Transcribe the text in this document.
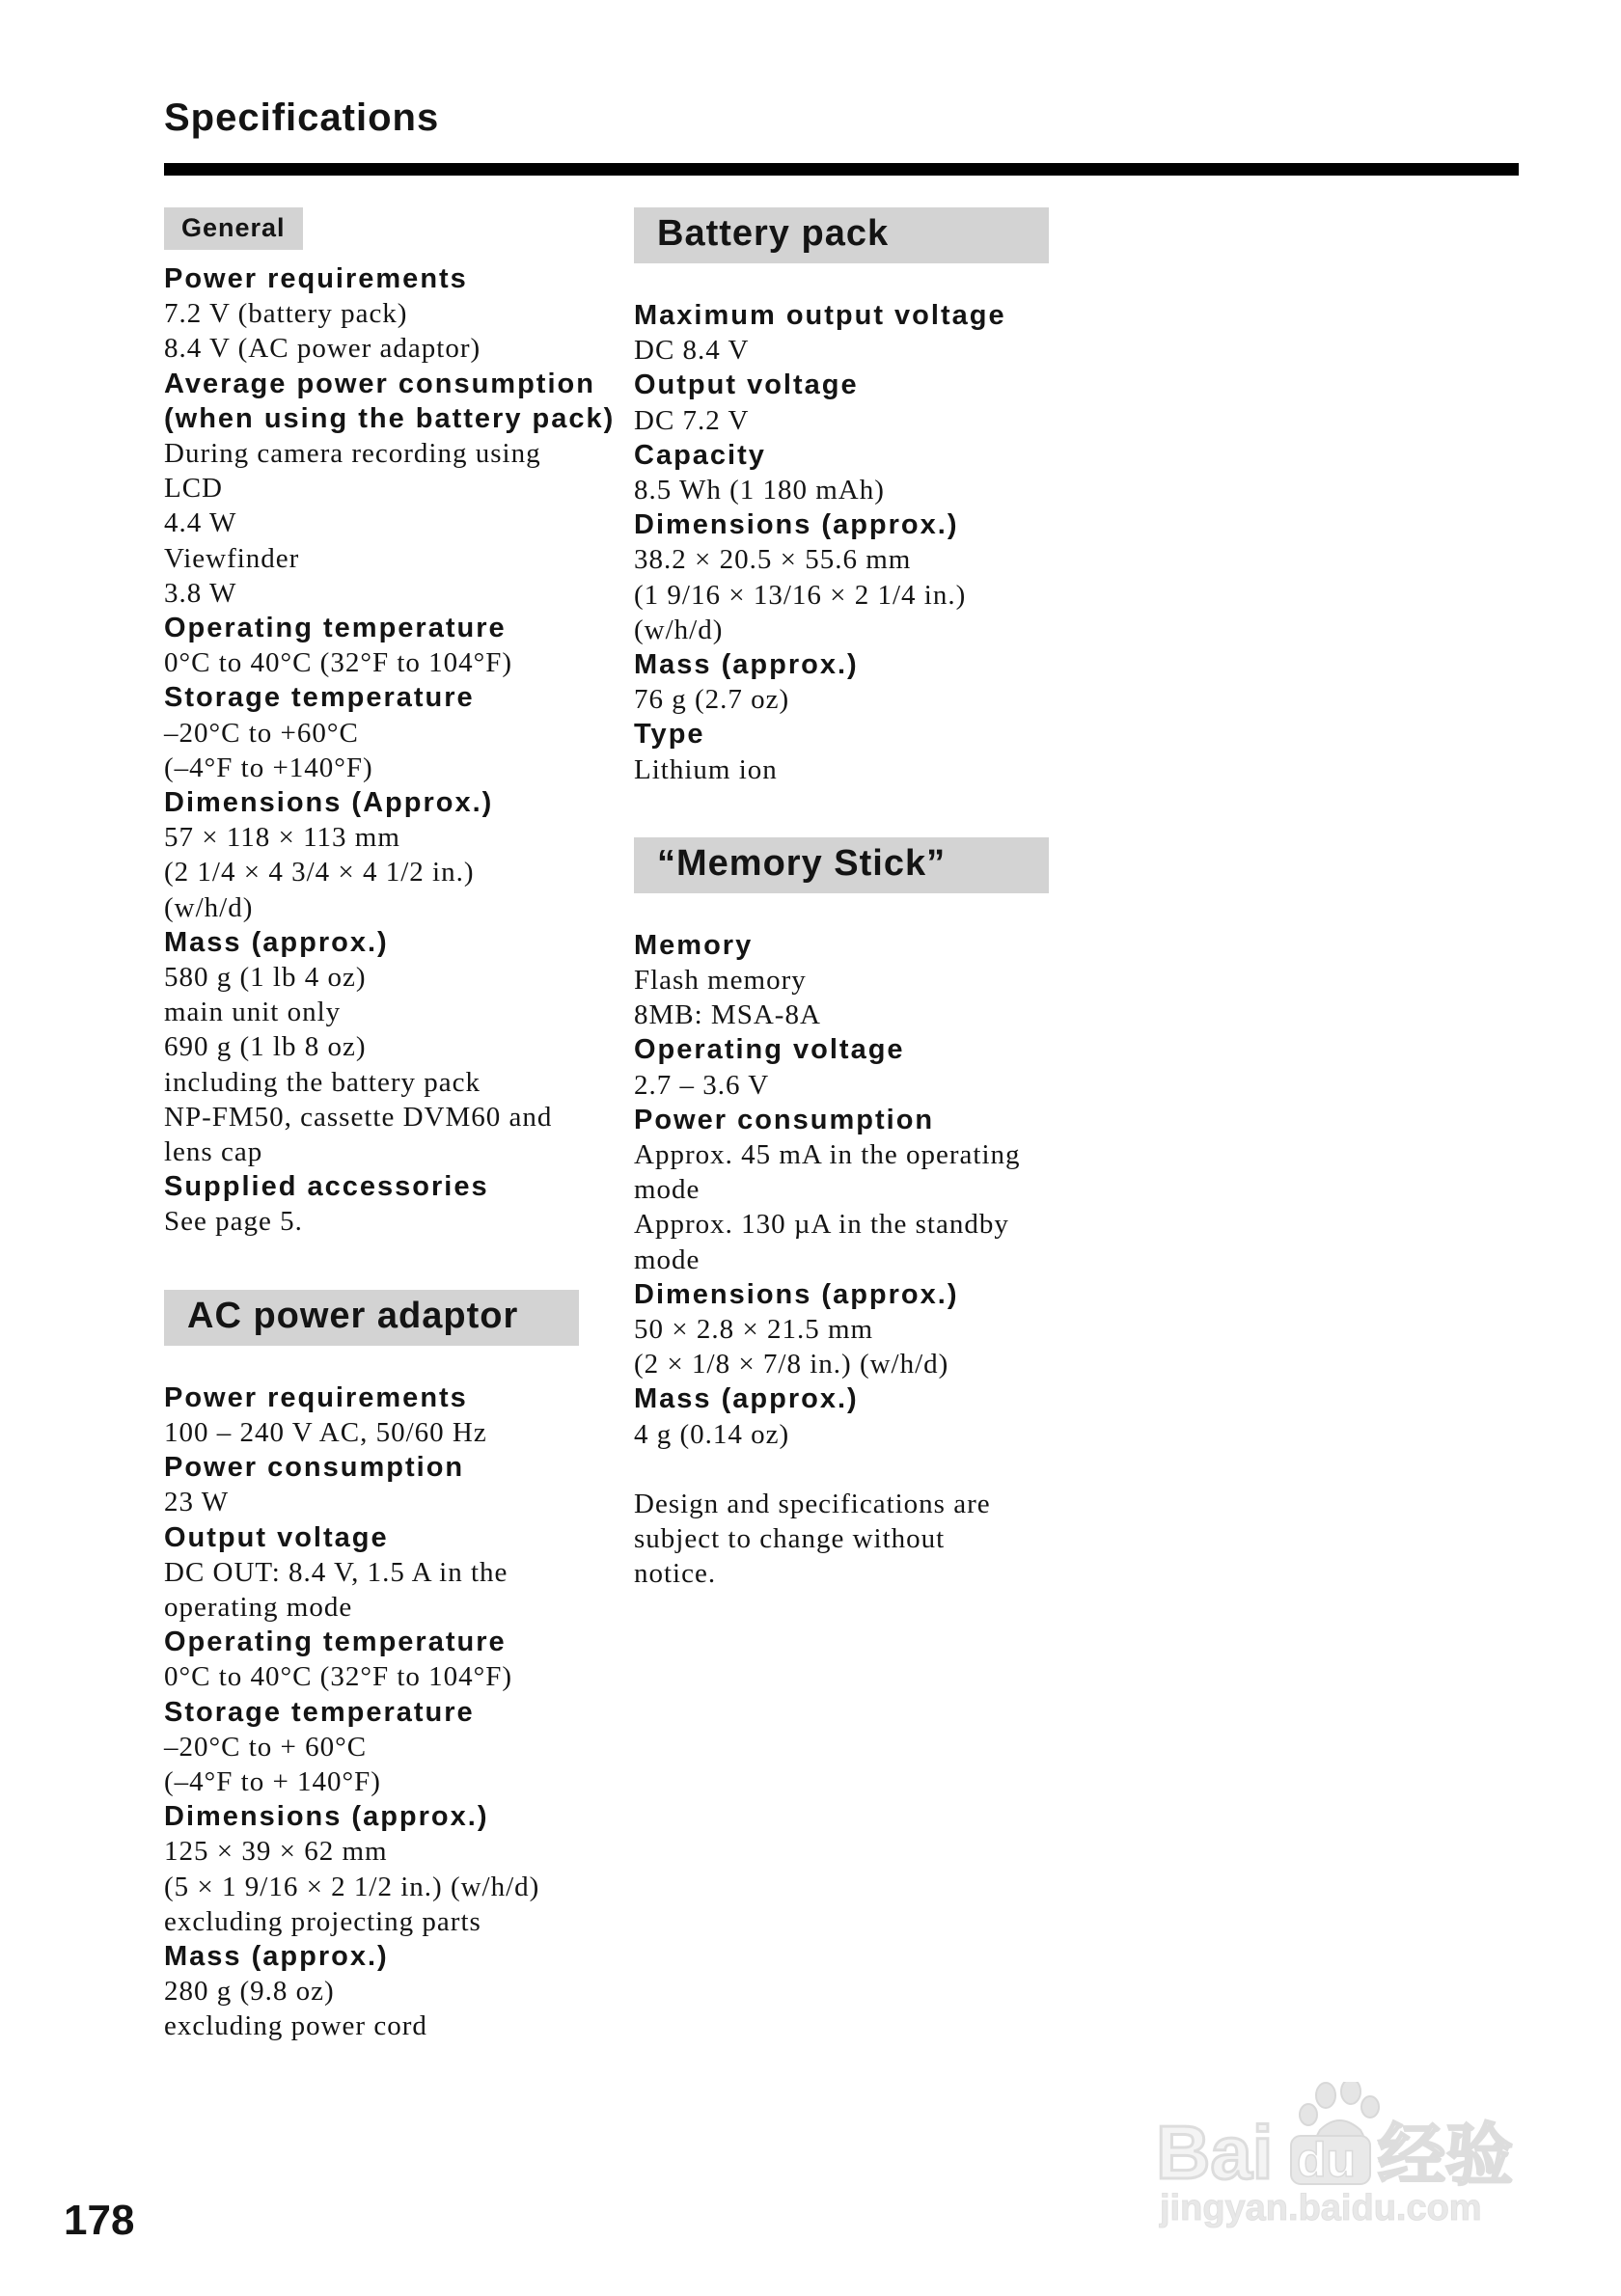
Specifications
General

Power requirements

7.2 V (battery pack)

8.4 V (AC power adaptor)

Average power consumption

(when using the battery pack)

During camera recording using

LCD

4.4 W

Viewfinder

3.8 W

Operating temperature

0°C to 40°C (32°F to 104°F)

Storage temperature

–20°C to +60°C

(–4°F to +140°F)

Dimensions (Approx.)

57 × 118 × 113 mm

(2 1/4 × 4 3/4 × 4 1/2 in.)

(w/h/d)

Mass (approx.)

580 g (1 lb 4 oz)

main unit only

690 g (1 lb 8 oz)

including the battery pack

NP-FM50, cassette DVM60 and

lens cap

Supplied accessories

See page 5.

AC power adaptor

Power requirements

100 – 240 V AC, 50/60 Hz

Power consumption

23 W

Output voltage

DC OUT: 8.4 V, 1.5 A in the

operating mode

Operating temperature

0°C to 40°C (32°F to 104°F)

Storage temperature

–20°C to + 60°C

(–4°F to + 140°F)

Dimensions (approx.)

125 × 39 × 62 mm

(5 × 1 9/16 × 2 1/2 in.) (w/h/d)

excluding projecting parts

Mass (approx.)

280 g (9.8 oz)

excluding power cord

Battery pack

Maximum output voltage

DC 8.4 V

Output voltage

DC 7.2 V

Capacity

8.5 Wh (1 180 mAh)

Dimensions (approx.)

38.2 × 20.5 × 55.6 mm

(1 9/16 × 13/16 × 2 1/4 in.)

(w/h/d)

Mass (approx.)

76 g (2.7 oz)

Type

Lithium ion

“Memory Stick”

Memory

Flash memory

8MB: MSA-8A

Operating voltage

2.7 – 3.6 V

Power consumption

Approx. 45 mA in the operating

mode

Approx. 130 µA in the standby

mode

Dimensions (approx.)

50 × 2.8 × 21.5 mm

(2 × 1/8 × 7/8 in.) (w/h/d)

Mass (approx.)

4 g (0.14 oz)

Design and specifications are

subject to change without

notice.

178
Bai du 经验
jingyan.baidu.com
